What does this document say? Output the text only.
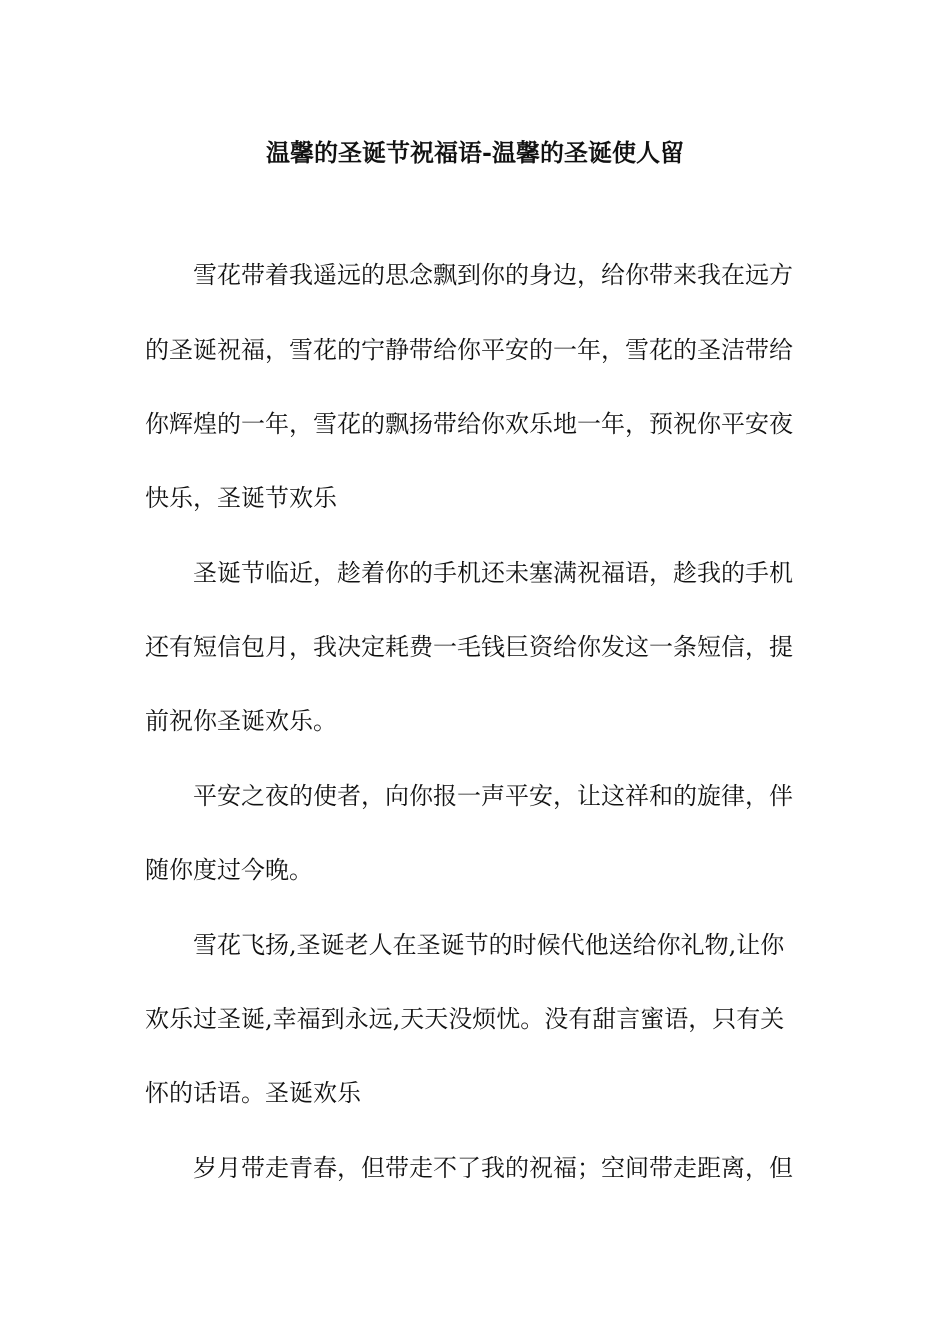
温馨的圣诞节祝福语-温馨的圣诞使人留
雪花带着我遥远的思念飘到你的身边，给你带来我在远方
的圣诞祝福，雪花的宁静带给你平安的一年，雪花的圣洁带给
你辉煌的一年，雪花的飘扬带给你欢乐地一年，预祝你平安夜
快乐，圣诞节欢乐
圣诞节临近，趁着你的手机还未塞满祝福语，趁我的手机
还有短信包月，我决定耗费一毛钱巨资给你发这一条短信，提
前祝你圣诞欢乐。
平安之夜的使者，向你报一声平安，让这祥和的旋律，伴
随你度过今晚。
雪花飞扬,圣诞老人在圣诞节的时候代他送给你礼物,让你
欢乐过圣诞,幸福到永远,天天没烦忧。没有甜言蜜语，只有关
怀的话语。圣诞欢乐
岁月带走青春，但带走不了我的祝福；空间带走距离，但
